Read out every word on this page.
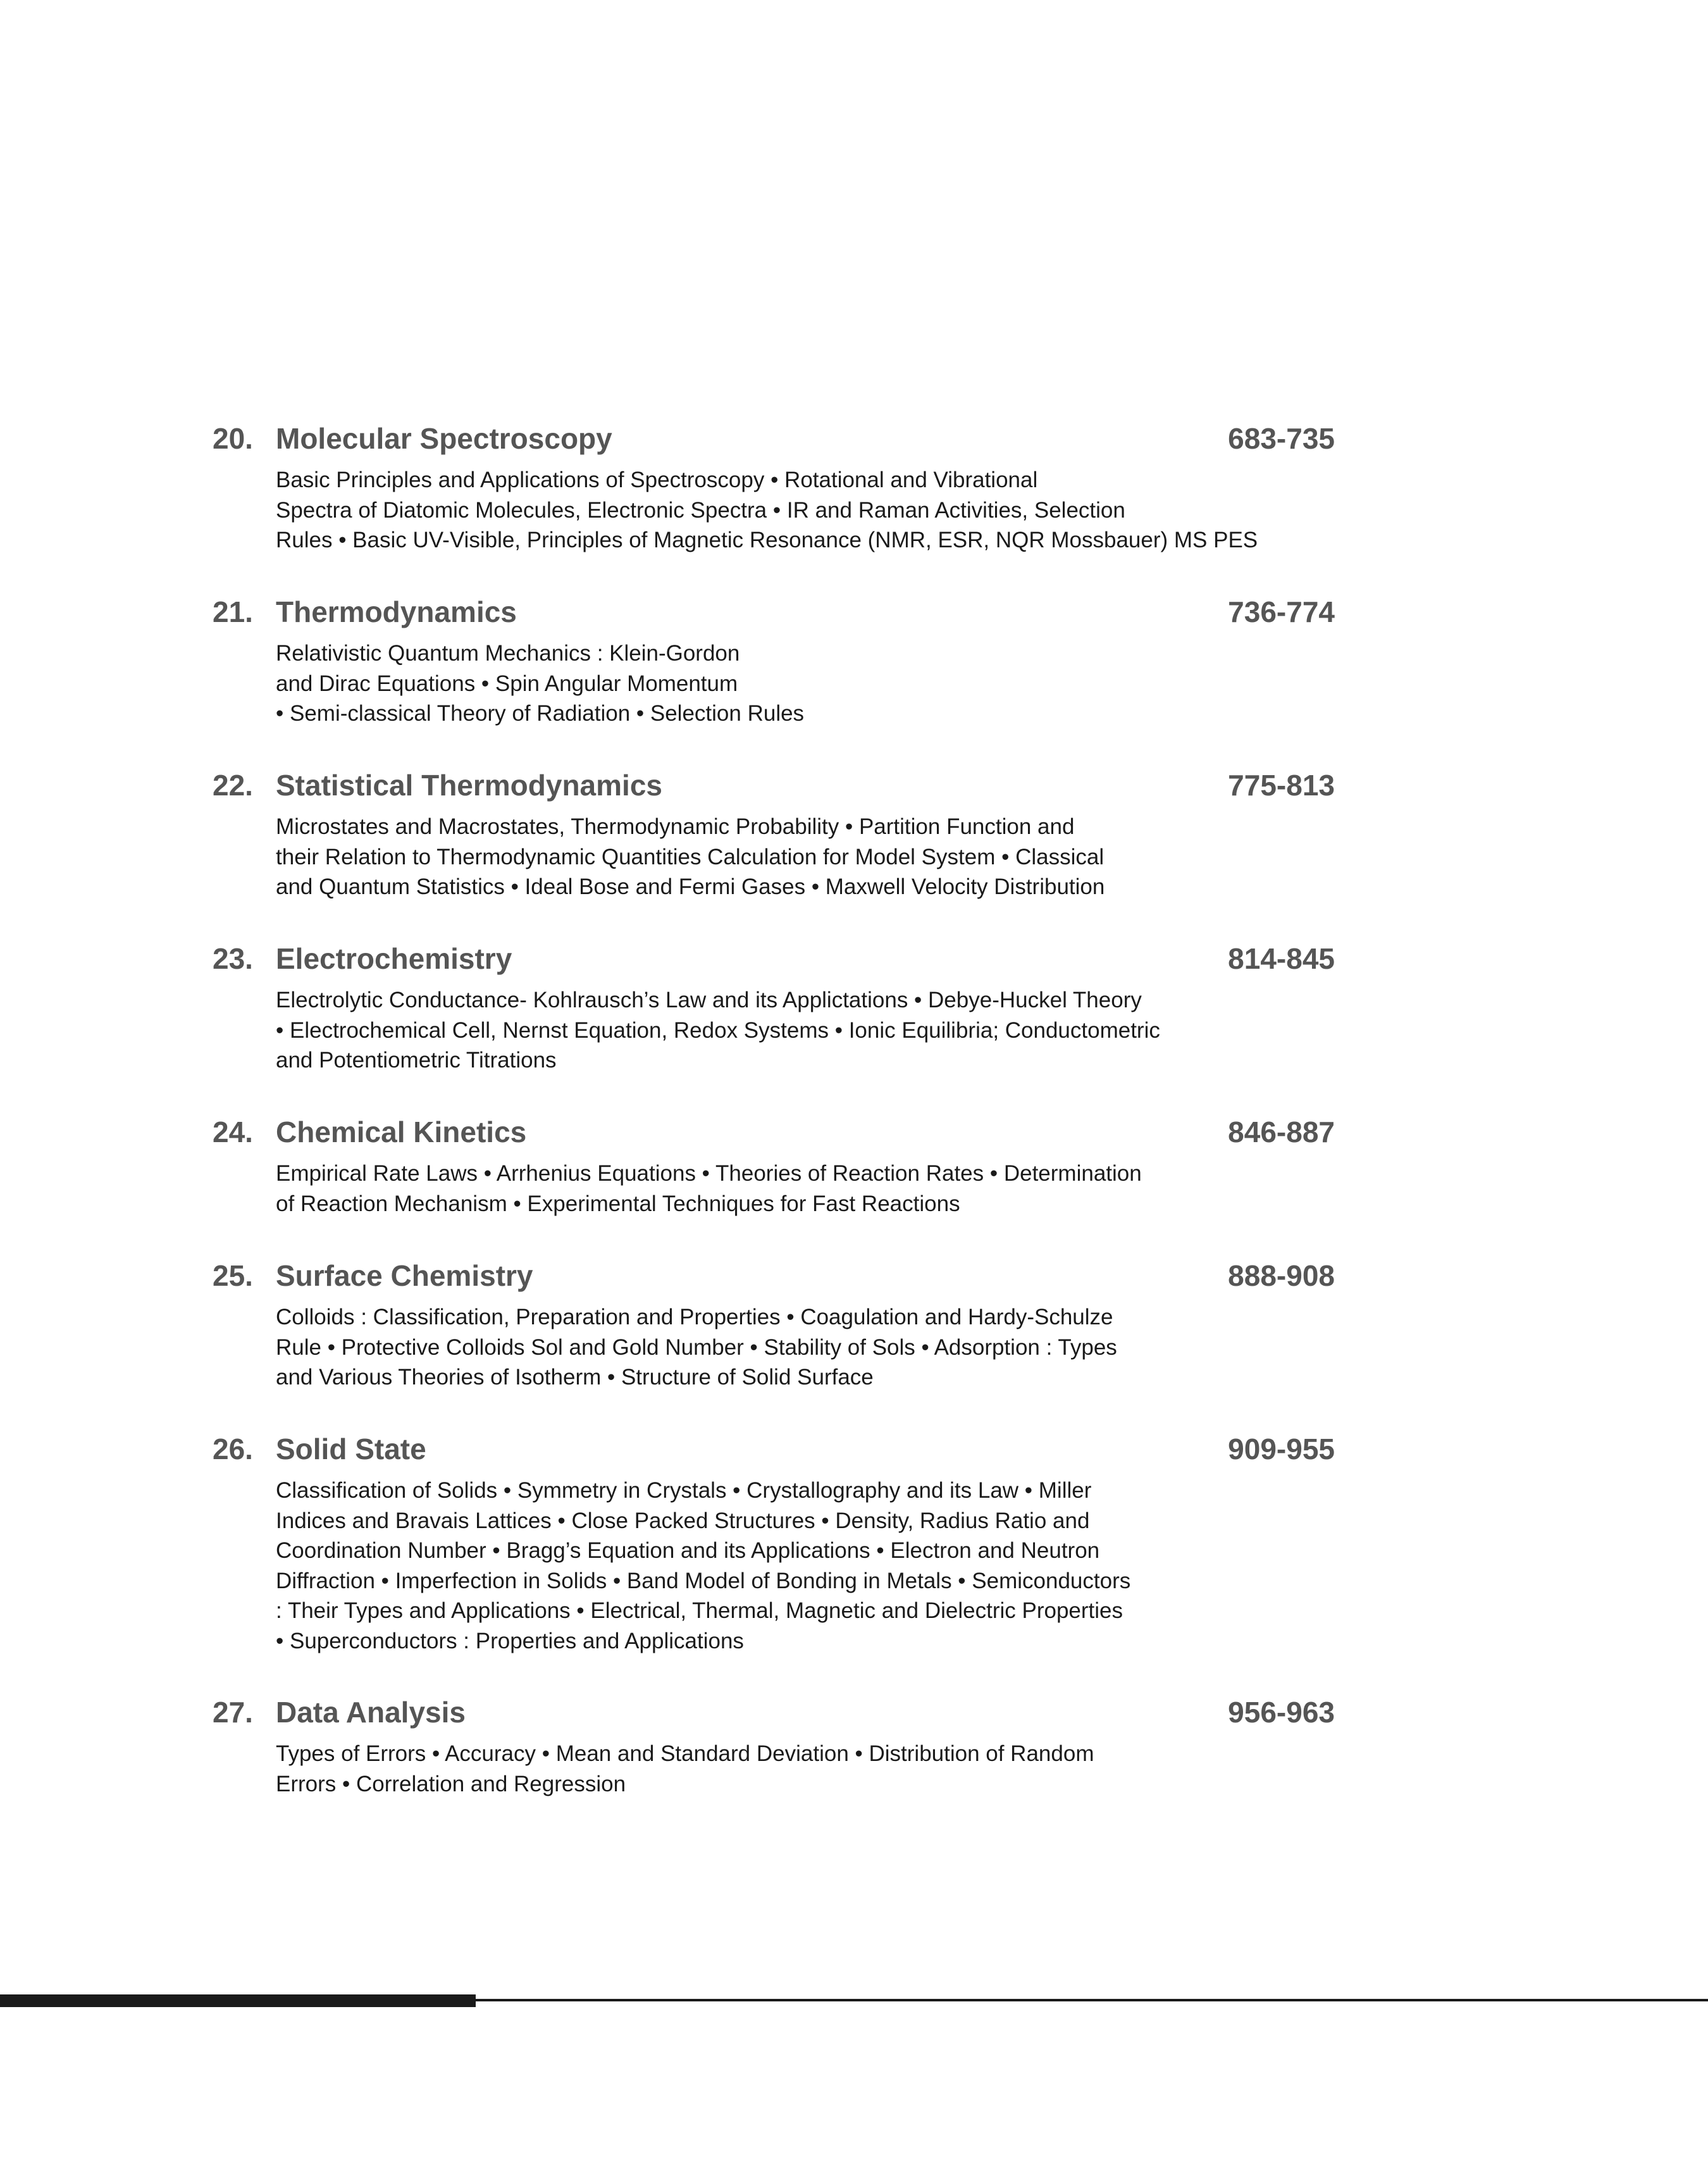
20. Molecular Spectroscopy	683-735
Basic Principles and Applications of Spectroscopy • Rotational and Vibrational
Spectra of Diatomic Molecules, Electronic Spectra • IR and Raman Activities, Selection
Rules • Basic UV-Visible, Principles of Magnetic Resonance (NMR, ESR, NQR Mossbauer) MS PES
21. Thermodynamics	736-774
Relativistic Quantum Mechanics : Klein-Gordon
and Dirac Equations • Spin Angular Momentum
• Semi-classical Theory of Radiation • Selection Rules
22. Statistical Thermodynamics	775-813
Microstates and Macrostates, Thermodynamic Probability • Partition Function and
their Relation to Thermodynamic Quantities Calculation for Model System • Classical
and Quantum Statistics • Ideal Bose and Fermi Gases • Maxwell Velocity Distribution
23. Electrochemistry	814-845
Electrolytic Conductance- Kohlrausch’s Law and its Applictations • Debye-Huckel Theory
• Electrochemical Cell, Nernst Equation, Redox Systems • Ionic Equilibria; Conductometric
and Potentiometric Titrations
24. Chemical Kinetics	846-887
Empirical Rate Laws • Arrhenius Equations • Theories of Reaction Rates • Determination
of Reaction Mechanism • Experimental Techniques for Fast Reactions
25. Surface Chemistry	888-908
Colloids : Classification, Preparation and Properties • Coagulation and Hardy-Schulze
Rule • Protective Colloids Sol and Gold Number • Stability of Sols • Adsorption : Types
and Various Theories of Isotherm • Structure of Solid Surface
26. Solid State	909-955
Classification of Solids • Symmetry in Crystals • Crystallography and its Law • Miller
Indices and Bravais Lattices • Close Packed Structures • Density, Radius Ratio and
Coordination Number • Bragg’s Equation and its Applications • Electron and Neutron
Diffraction • Imperfection in Solids • Band Model of Bonding in Metals • Semiconductors
: Their Types and Applications • Electrical, Thermal, Magnetic and Dielectric Properties
• Superconductors : Properties and Applications
27. Data Analysis	956-963
Types of Errors • Accuracy • Mean and Standard Deviation • Distribution of Random
Errors • Correlation and Regression
